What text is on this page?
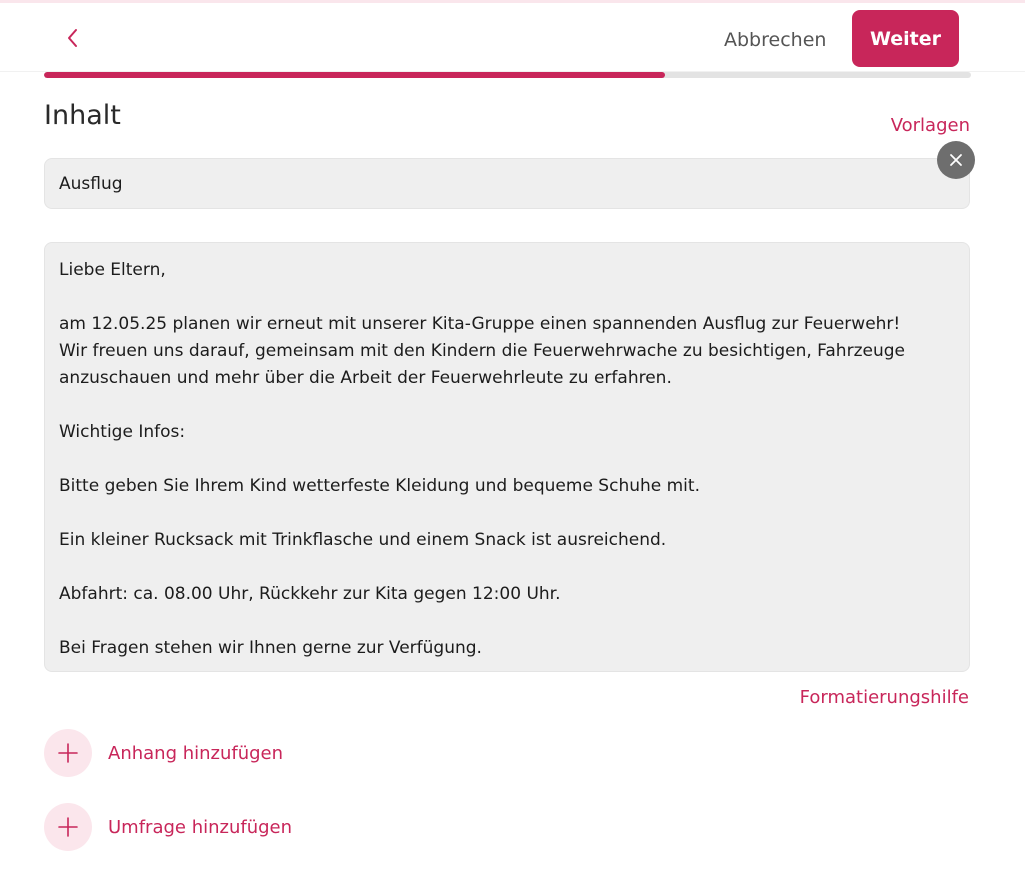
Abbrechen Weiter
Inhalt	Vorlagen
Ausflug

Liebe Eltern,

am 12.05.25 planen wir erneut mit unserer Kita-Gruppe einen spannenden Ausflug zur Feuerwehr!
Wir freuen uns darauf, gemeinsam mit den Kindern die Feuerwehrwache zu besichtigen, Fahrzeuge anzuschauen und mehr über die Arbeit der Feuerwehrleute zu erfahren.

Wichtige Infos:

Bitte geben Sie Ihrem Kind wetterfeste Kleidung und bequeme Schuhe mit.

Ein kleiner Rucksack mit Trinkflasche und einem Snack ist ausreichend.

Abfahrt: ca. 08.00 Uhr, Rückkehr zur Kita gegen 12:00 Uhr.

Bei Fragen stehen wir Ihnen gerne zur Verfügung.

Formatierungshilfe
Anhang hinzufügen
Umfrage hinzufügen
